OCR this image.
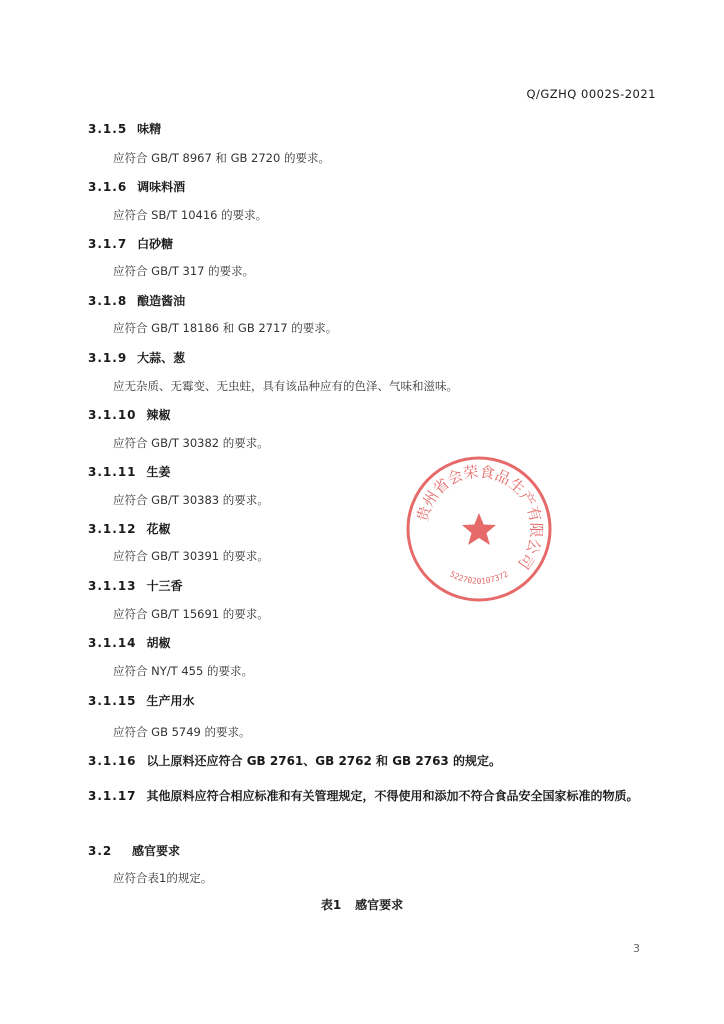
Q/GZHQ 0002S-2021
3.1.5 味精
应符合 GB/T 8967 和 GB 2720 的要求。
3.1.6 调味料酒
应符合 SB/T 10416 的要求。
3.1.7 白砂糖
应符合 GB/T 317 的要求。
3.1.8 酿造酱油
应符合 GB/T 18186 和 GB 2717 的要求。
3.1.9 大蒜、葱
应无杂质、无霉变、无虫蛀，具有该品种应有的色泽、气味和滋味。
3.1.10 辣椒
应符合 GB/T 30382 的要求。
3.1.11 生姜
应符合 GB/T 30383 的要求。
3.1.12 花椒
应符合 GB/T 30391 的要求。
3.1.13 十三香
应符合 GB/T 15691 的要求。
3.1.14 胡椒
应符合 NY/T 455 的要求。
3.1.15 生产用水
应符合 GB 5749 的要求。
3.1.16 以上原料还应符合 GB 2761、GB 2762 和 GB 2763 的规定。
3.1.17 其他原料应符合相应标准和有关管理规定，不得使用和添加不符合食品安全国家标准的物质。
3.2 感官要求
应符合表1的规定。
表1 感官要求
3
贵州省会荣食品生产有限公司
5227020107372
